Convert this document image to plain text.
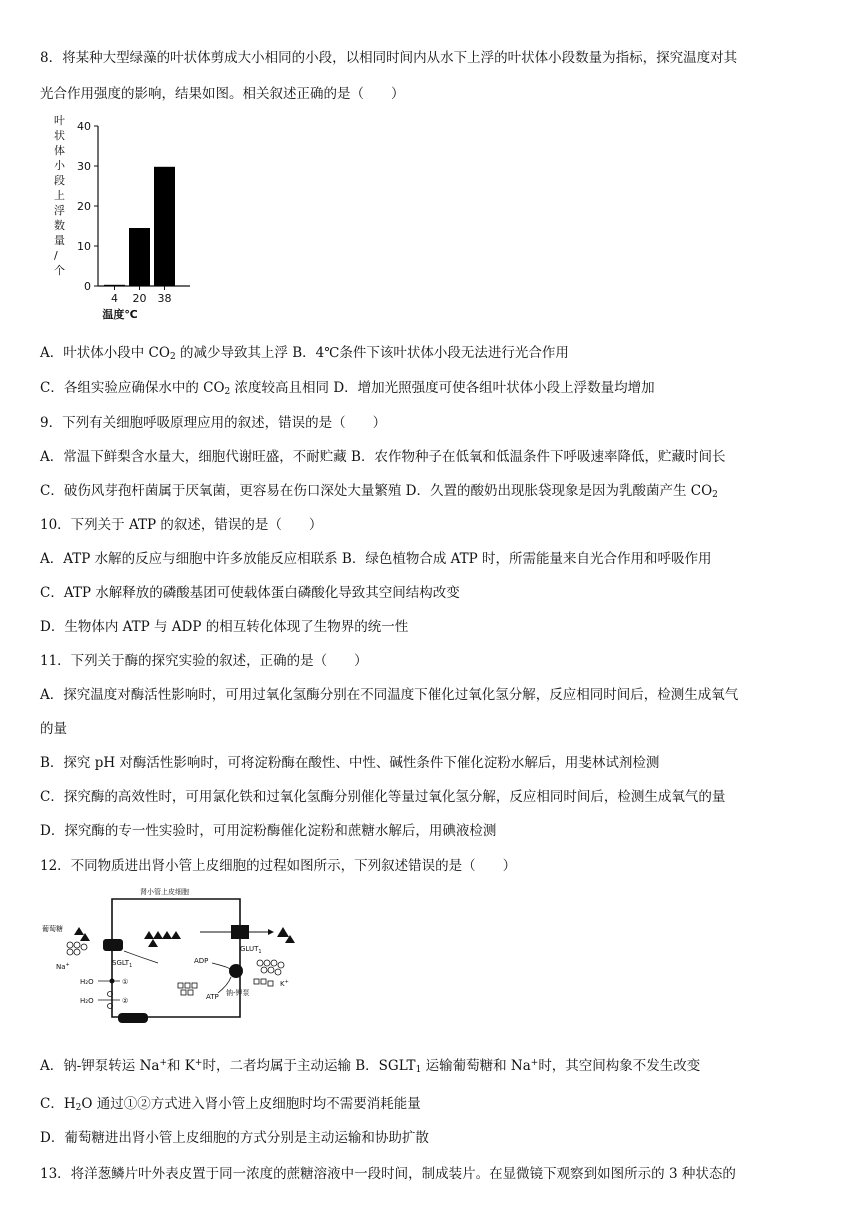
8．将某种大型绿藻的叶状体剪成大小相同的小段，以相同时间内从水下上浮的叶状体小段数量为指标，探究温度对其
光合作用强度的影响，结果如图。相关叙述正确的是（　　）
0
10
20
30
40
4 20 38
温度℃
叶状体小段上浮数量/个
A．叶状体小段中 $CO_2$ 的减少导致其上浮 B．4℃条件下该叶状体小段无法进行光合作用
C．各组实验应确保水中的 $CO_2$ 浓度较高且相同 D．增加光照强度可使各组叶状体小段上浮数量均增加
9．下列有关细胞呼吸原理应用的叙述，错误的是（　　）
A．常温下鲜梨含水量大，细胞代谢旺盛，不耐贮藏 B．农作物种子在低氧和低温条件下呼吸速率降低，贮藏时间长
C．破伤风芽孢杆菌属于厌氧菌，更容易在伤口深处大量繁殖 D．久置的酸奶出现胀袋现象是因为乳酸菌产生 $CO_2$
10．下列关于 ATP 的叙述，错误的是（　　）
A．ATP 水解的反应与细胞中许多放能反应相联系 B．绿色植物合成 ATP 时，所需能量来自光合作用和呼吸作用
C．ATP 水解释放的磷酸基团可使载体蛋白磷酸化导致其空间结构改变
D．生物体内 ATP 与 ADP 的相互转化体现了生物界的统一性
11．下列关于酶的探究实验的叙述，正确的是（　　）
A．探究温度对酶活性影响时，可用过氧化氢酶分别在不同温度下催化过氧化氢分解，反应相同时间后，检测生成氧气
的量
B．探究 pH 对酶活性影响时，可将淀粉酶在酸性、中性、碱性条件下催化淀粉水解后，用斐林试剂检测
C．探究酶的高效性时，可用氯化铁和过氧化氢酶分别催化等量过氧化氢分解，反应相同时间后，检测生成氧气的量
D．探究酶的专一性实验时，可用淀粉酶催化淀粉和蔗糖水解后，用碘液检测
12．不同物质进出肾小管上皮细胞的过程如图所示，下列叙述错误的是（　　）
肾小管上皮细胞
葡萄糖
Na+	$SGLT_1$
$GLUT_1$
ADP
ATP
K+
钠-钾泵
H₂O	①
H₂O	②
A．钠-钾泵转运 Na+和 K+时，二者均属于主动运输 B．$SGLT_1$ 运输葡萄糖和 Na+时，其空间构象不发生改变
C．$H_2O$ 通过①②方式进入肾小管上皮细胞时均不需要消耗能量
D．葡萄糖进出肾小管上皮细胞的方式分别是主动运输和协助扩散
13．将洋葱鳞片叶外表皮置于同一浓度的蔗糖溶液中一段时间，制成装片。在显微镜下观察到如图所示的 3 种状态的
